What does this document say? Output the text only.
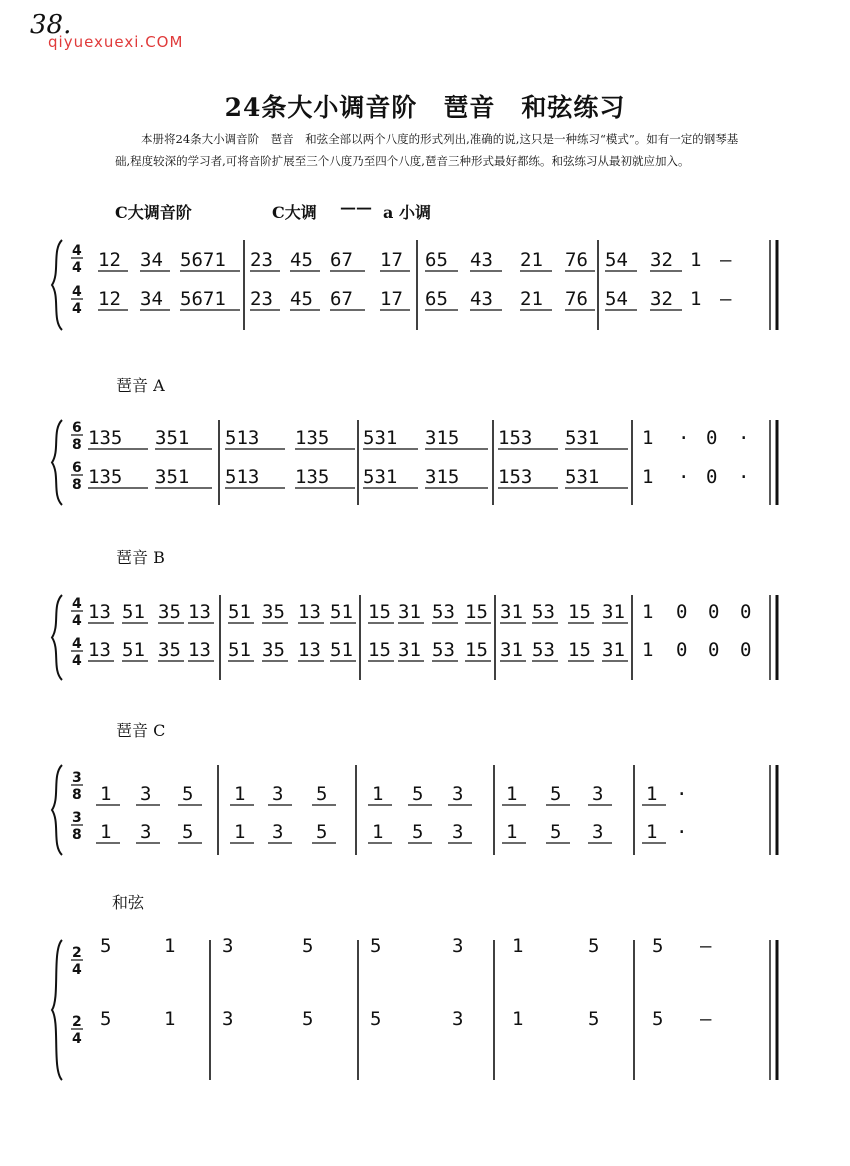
38.
qiyuexuexi.COM
24条大小调音阶　琶音　和弦练习
本册将24条大小调音阶　琶音　和弦全部以两个八度的形式列出,准确的说,这只是一种练习“模式”。如有一定的钢琴基础,程度较深的学习者,可将音阶扩展至三个八度乃至四个八度,琶音三种形式最好都练。和弦练习从最初就应加入。
C大调音阶	C大调 —— a 小调
琶音 A
琶音 B
琶音 C
和弦
4
4
4
4
12 34 5671 23 45 67 17 65 43 21 76 54 32 1 —
12 34 5671 23 45 67 17 65 43 21 76 54 32 1 —
6
8
6
8
135 351 513 135 531 315 153 531 1 · 0 ·
135 351 513 135 531 315 153 531 1 · 0 ·
4
4
4
4
13 51 35 13 51 35 13 51 15 31 53 15 31 53 15 31 1 0 0 0
13 51 35 13 51 35 13 51 15 31 53 15 31 53 15 31 1 0 0 0
3
8
3
8
1 3 5 1 3 5 1 5 3 1 5 3 1 ·
1 3 5 1 3 5 1 5 3 1 5 3 1 ·
2
4
2
4
5	1 3	5	5	3	1	5	5 —
5	1 3	5	5	3	1	5	5 —
